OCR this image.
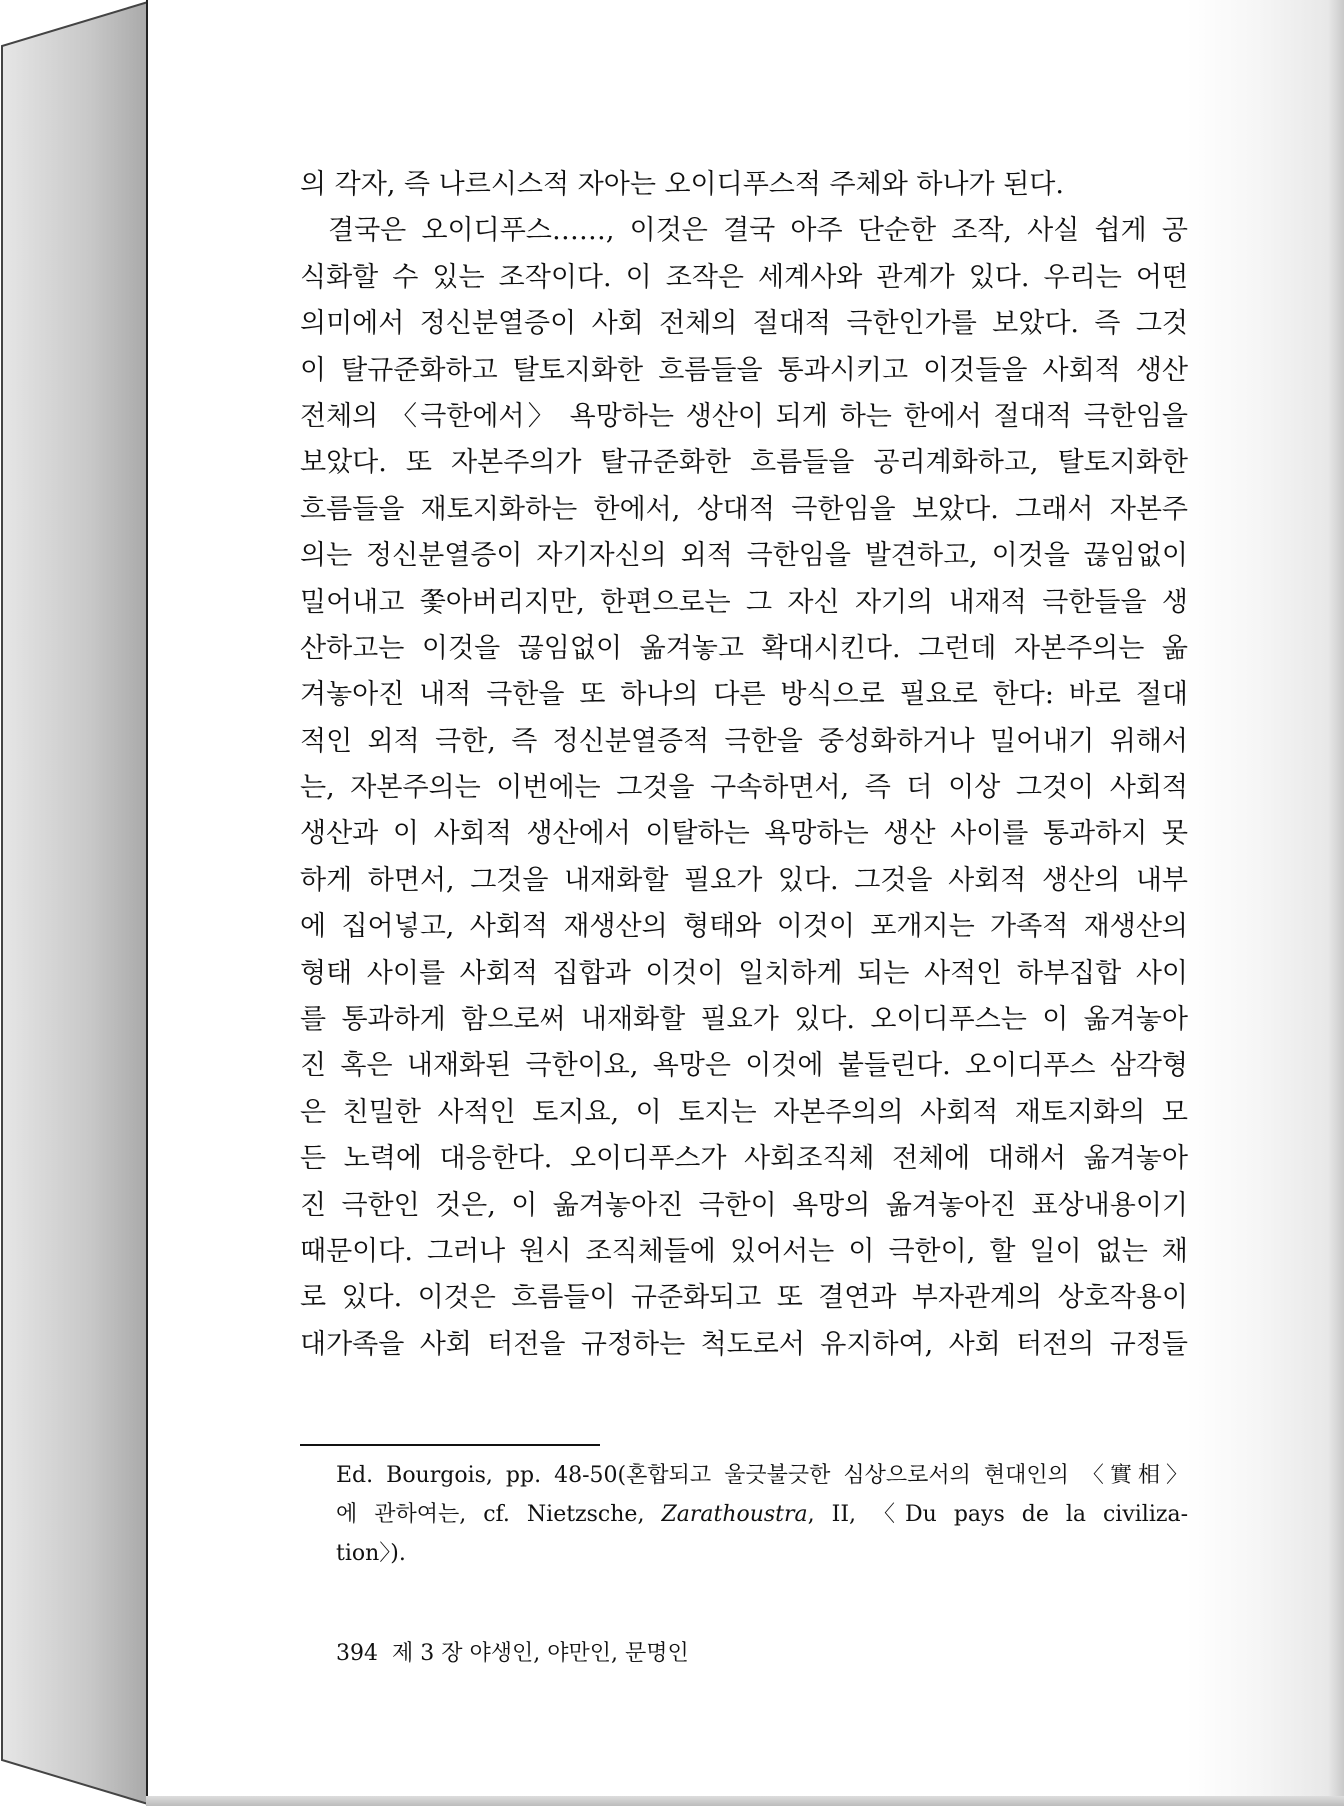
의 각자, 즉 나르시스적 자아는 오이디푸스적 주체와 하나가 된다.
결국은 오이디푸스……, 이것은 결국 아주 단순한 조작, 사실 쉽게 공
식화할 수 있는 조작이다. 이 조작은 세계사와 관계가 있다. 우리는 어떤
의미에서 정신분열증이 사회 전체의 절대적 극한인가를 보았다. 즉 그것
이 탈규준화하고 탈토지화한 흐름들을 통과시키고 이것들을 사회적 생산
전체의 〈극한에서〉 욕망하는 생산이 되게 하는 한에서 절대적 극한임을
보았다. 또 자본주의가 탈규준화한 흐름들을 공리계화하고, 탈토지화한
흐름들을 재토지화하는 한에서, 상대적 극한임을 보았다. 그래서 자본주
의는 정신분열증이 자기자신의 외적 극한임을 발견하고, 이것을 끊임없이
밀어내고 쫓아버리지만, 한편으로는 그 자신 자기의 내재적 극한들을 생
산하고는 이것을 끊임없이 옮겨놓고 확대시킨다. 그런데 자본주의는 옮
겨놓아진 내적 극한을 또 하나의 다른 방식으로 필요로 한다: 바로 절대
적인 외적 극한, 즉 정신분열증적 극한을 중성화하거나 밀어내기 위해서
는, 자본주의는 이번에는 그것을 구속하면서, 즉 더 이상 그것이 사회적
생산과 이 사회적 생산에서 이탈하는 욕망하는 생산 사이를 통과하지 못
하게 하면서, 그것을 내재화할 필요가 있다. 그것을 사회적 생산의 내부
에 집어넣고, 사회적 재생산의 형태와 이것이 포개지는 가족적 재생산의
형태 사이를 사회적 집합과 이것이 일치하게 되는 사적인 하부집합 사이
를 통과하게 함으로써 내재화할 필요가 있다. 오이디푸스는 이 옮겨놓아
진 혹은 내재화된 극한이요, 욕망은 이것에 붙들린다. 오이디푸스 삼각형
은 친밀한 사적인 토지요, 이 토지는 자본주의의 사회적 재토지화의 모
든 노력에 대응한다. 오이디푸스가 사회조직체 전체에 대해서 옮겨놓아
진 극한인 것은, 이 옮겨놓아진 극한이 욕망의 옮겨놓아진 표상내용이기
때문이다. 그러나 원시 조직체들에 있어서는 이 극한이, 할 일이 없는 채
로 있다. 이것은 흐름들이 규준화되고 또 결연과 부자관계의 상호작용이
대가족을 사회 터전을 규정하는 척도로서 유지하여, 사회 터전의 규정들
Ed. Bourgois, pp. 48-50(혼합되고 울긋불긋한 심상으로서의 현대인의 〈實相〉
에 관하여는, cf. Nietzsche, Zarathoustra, II, 〈Du pays de la civiliza-
tion〉).
394 제 3 장 야생인, 야만인, 문명인
